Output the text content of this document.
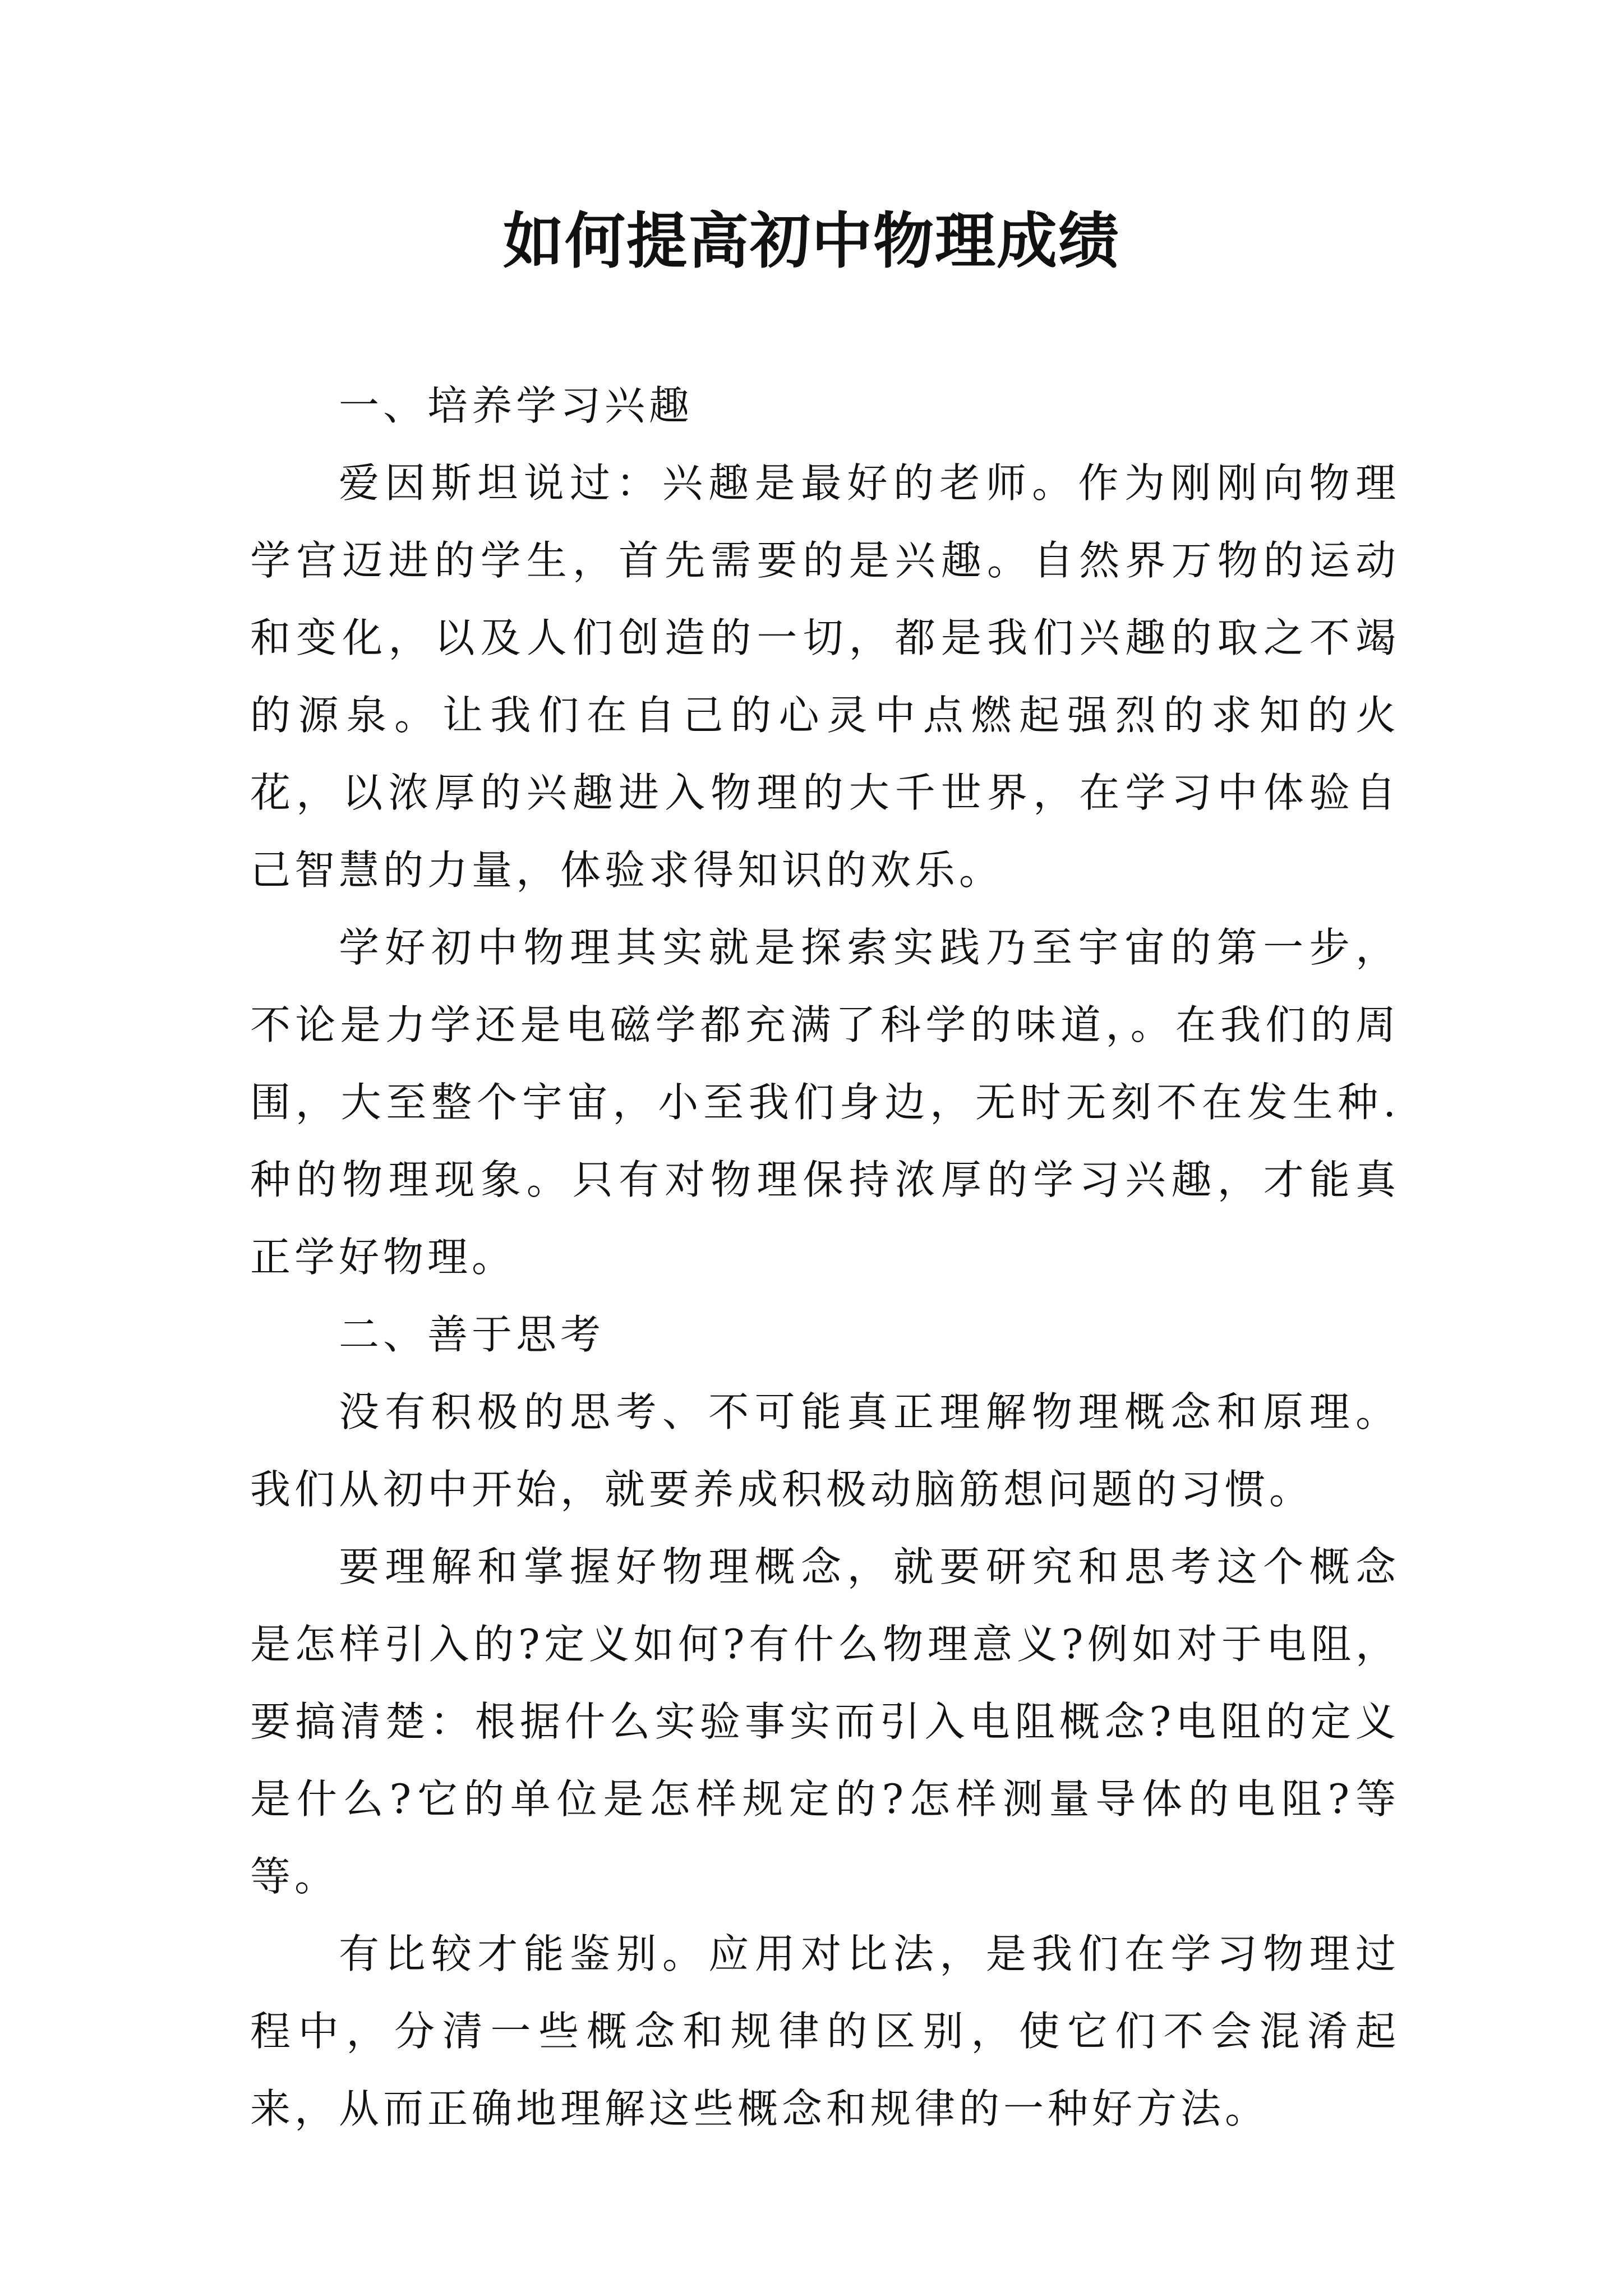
如何提高初中物理成绩

一、培养学习兴趣

爱因斯坦说过：兴趣是最好的老师。作为刚刚向物理学宫迈进的学生，首先需要的是兴趣。自然界万物的运动和变化，以及人们创造的一切，都是我们兴趣的取之不竭的源泉。让我们在自己的心灵中点燃起强烈的求知的火花，以浓厚的兴趣进入物理的大千世界，在学习中体验自己智慧的力量，体验求得知识的欢乐。

学好初中物理其实就是探索实践乃至宇宙的第一步，不论是力学还是电磁学都充满了科学的味道，。在我们的周围，大至整个宇宙，小至我们身边，无时无刻不在发生种.种的物理现象。只有对物理保持浓厚的学习兴趣，才能真正学好物理。

二、善于思考

没有积极的思考、不可能真正理解物理概念和原理。我们从初中开始，就要养成积极动脑筋想问题的习惯。

要理解和掌握好物理概念，就要研究和思考这个概念是怎样引入的?定义如何?有什么物理意义?例如对于电阻，要搞清楚：根据什么实验事实而引入电阻概念?电阻的定义是什么?它的单位是怎样规定的?怎样测量导体的电阻?等等。

有比较才能鉴别。应用对比法，是我们在学习物理过程中，分清一些概念和规律的区别，使它们不会混淆起来，从而正确地理解这些概念和规律的一种好方法。
